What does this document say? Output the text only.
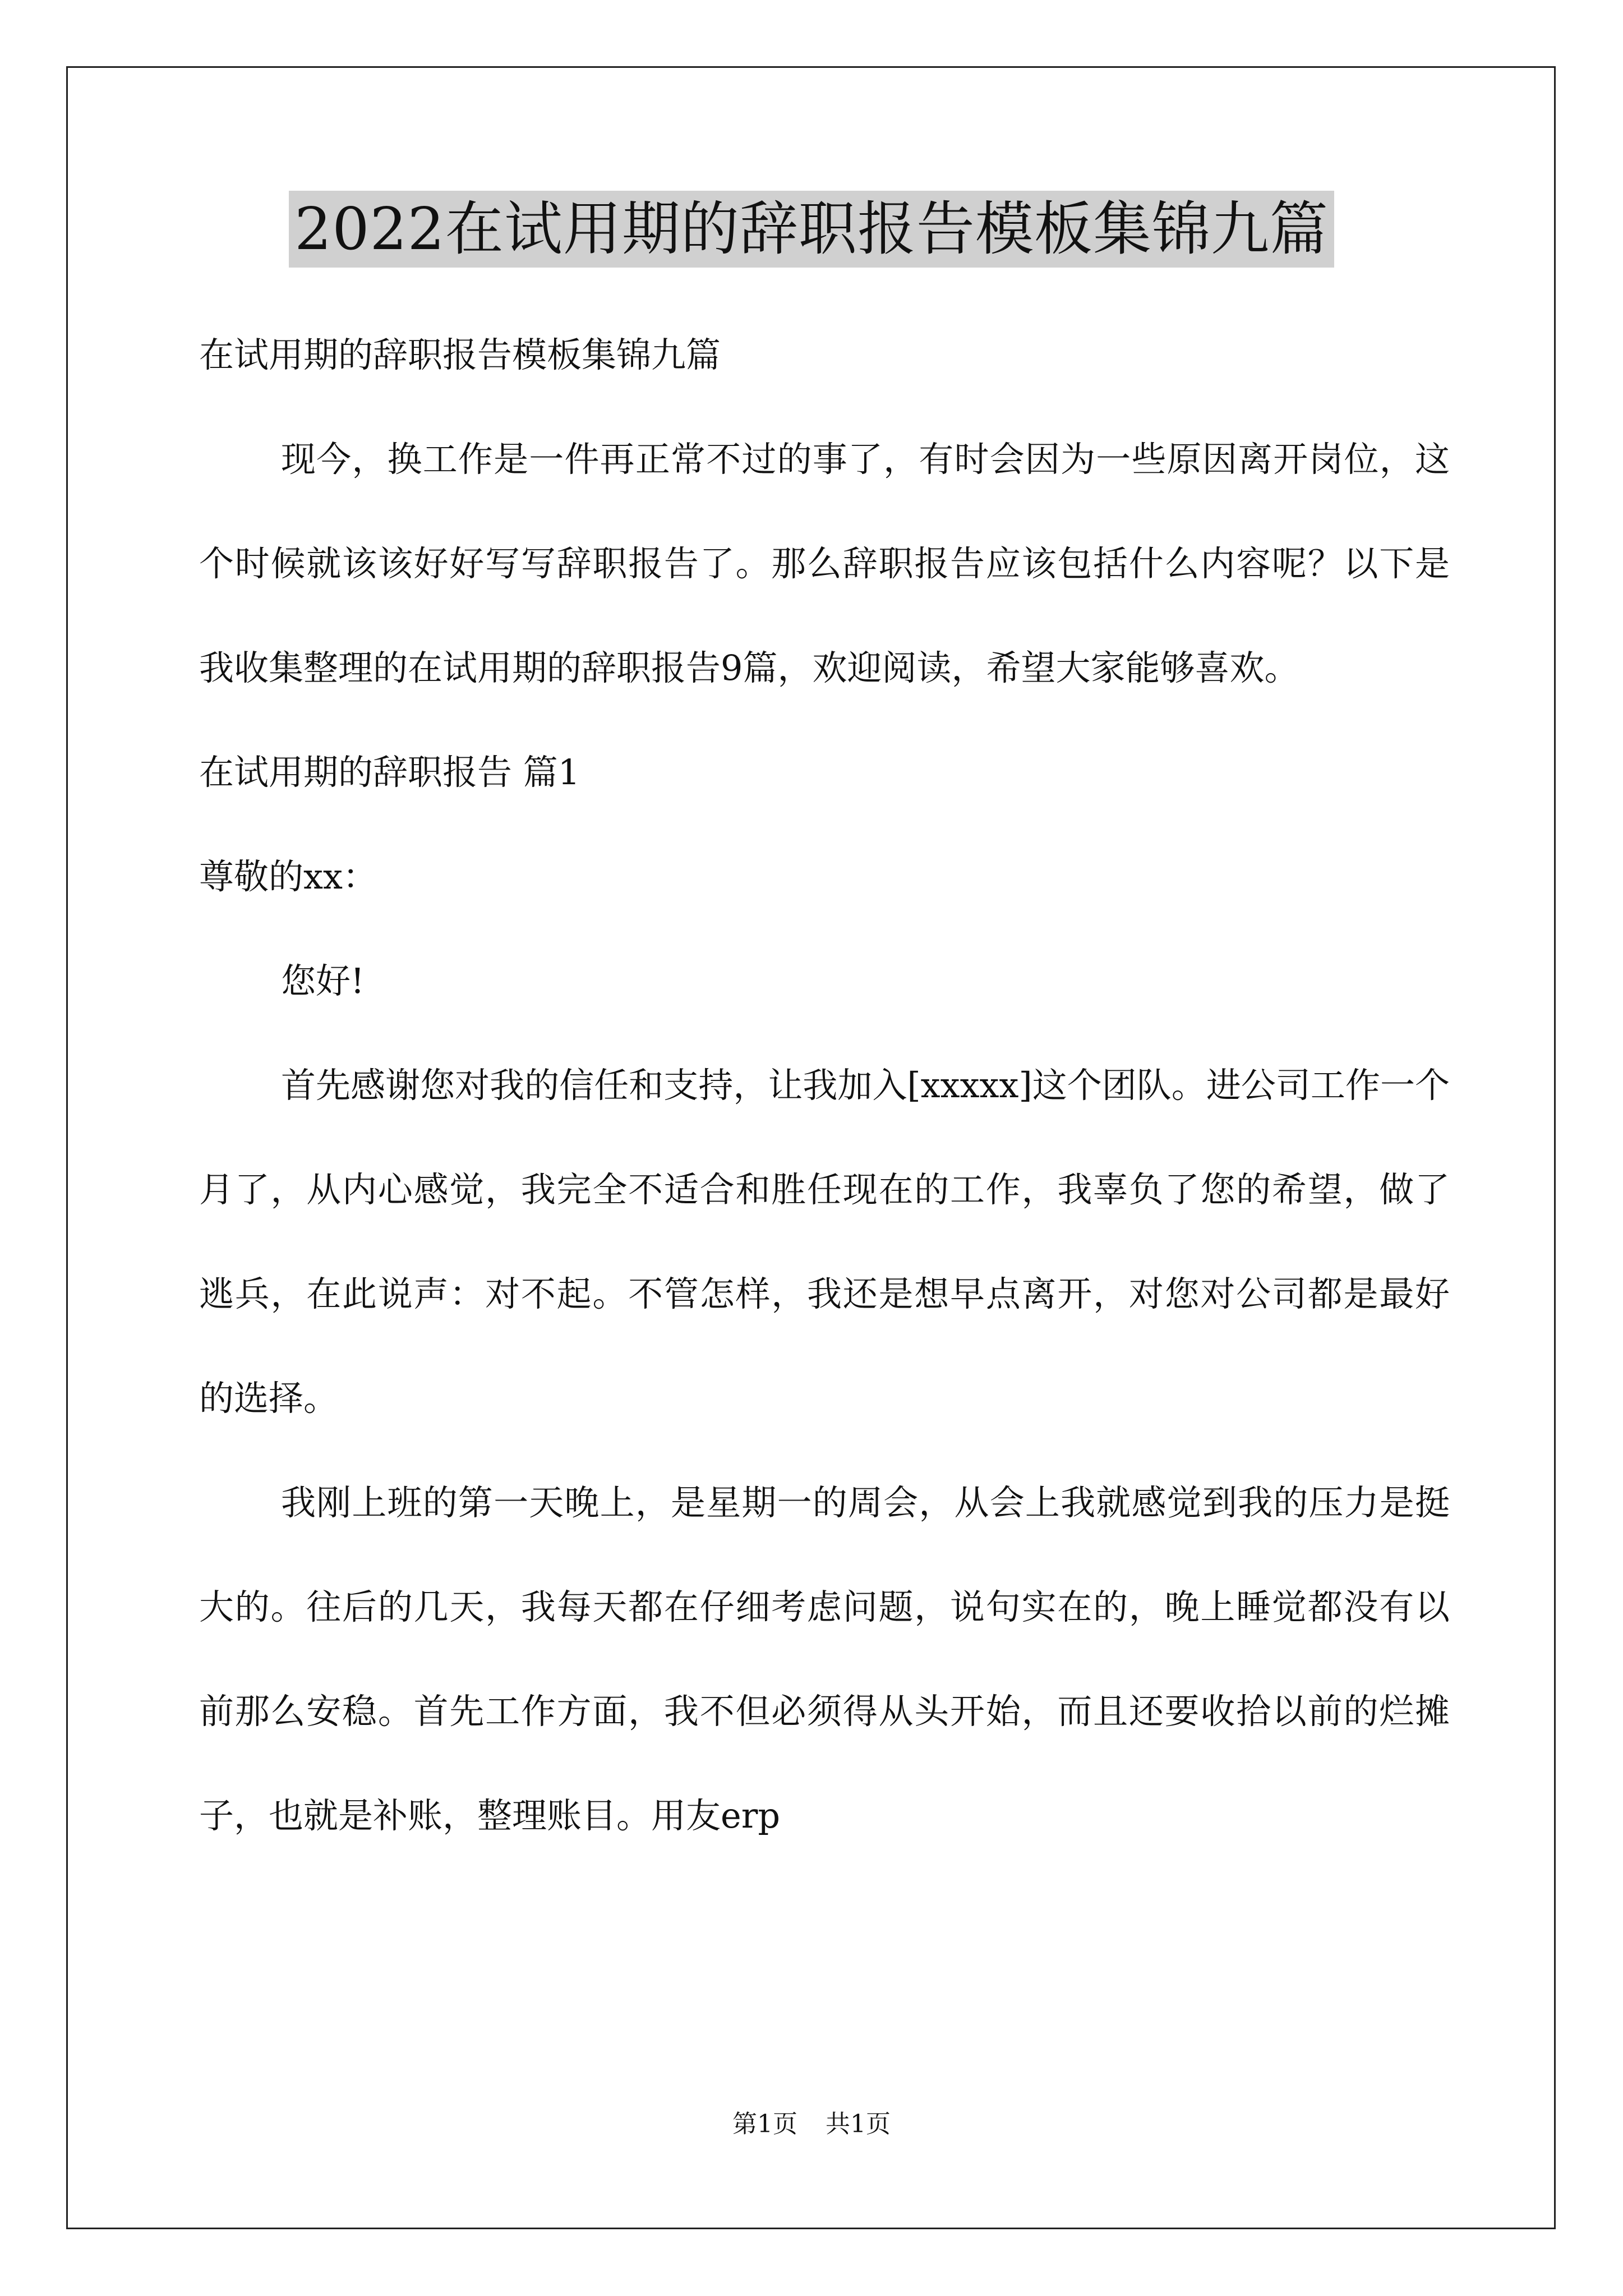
2022在试用期的辞职报告模板集锦九篇
在试用期的辞职报告模板集锦九篇
现今，换工作是一件再正常不过的事了，有时会因为一些原因离开岗位，这个时候就该该好好写写辞职报告了。那么辞职报告应该包括什么内容呢？以下是我收集整理的在试用期的辞职报告9篇，欢迎阅读，希望大家能够喜欢。
在试用期的辞职报告 篇1
尊敬的xx：
您好!
首先感谢您对我的信任和支持，让我加入[xxxxx]这个团队。进公司工作一个月了，从内心感觉，我完全不适合和胜任现在的工作，我辜负了您的希望，做了逃兵，在此说声：对不起。不管怎样，我还是想早点离开，对您对公司都是最好的选择。
我刚上班的第一天晚上，是星期一的周会，从会上我就感觉到我的压力是挺大的。往后的几天，我每天都在仔细考虑问题，说句实在的，晚上睡觉都没有以前那么安稳。首先工作方面，我不但必须得从头开始，而且还要收拾以前的烂摊子，也就是补账，整理账目。用友erp
第1页 共1页
